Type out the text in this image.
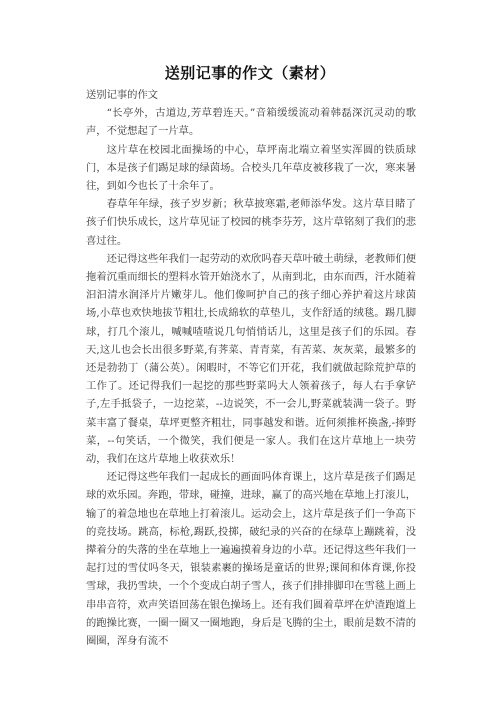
送别记事的作文（素材）

送别记事的作文

“长亭外，古道边,芳草碧连天。”音箱缓缓流动着韩磊深沉灵动的歌声，不觉想起了一片草。

这片草在校园北面操场的中心，草坪南北端立着坚实浑圆的铁质球门，本是孩子们踢足球的绿茵场。合校头几年草皮被移栽了一次，寒来暑往，到如今也长了十余年了。

春草年年绿，孩子岁岁新；秋草披寒霜,老师添华发。这片草目睹了孩子们快乐成长，这片草见证了校园的桃李芬芳，这片草铭刻了我们的悲喜过往。

还记得这些年我们一起劳动的欢欣吗春天草叶破土萌绿，老教师们便拖着沉重而细长的塑料水管开始浇水了，从南到北，由东而西，汗水随着汩汩清水润泽片片嫩芽儿。他们像呵护自己的孩子细心养护着这片球茵场,小草也欢快地拔节粗壮,长成綿软的草垫儿，支作舒适的绒毯。踢几脚球，打几个滚儿，喊喊喳喳说几句悄悄话儿，这里是孩子们的乐园。春天,这儿也会长出很多野菜,有荠菜、青青菜，有苦菜、灰灰菜，最繁多的还是勃勃丁（蒲公英）。闲暇时，不等它们开花，我们就做起除荒护草的工作了。还记得我们一起挖的那些野菜吗大人领着孩子，每人右手拿铲子,左手抵袋子，一边挖菜，--边说笑，不一会儿,野菜就装满一袋子。野菜丰富了餐桌，草坪更整齐粗壮，同事越发和谐。近何须推杯换盏,-捧野菜，--句笑话，一个微笑，我们便是一家人。我们在这片草地上一块劳动，我们在这片草地上收获欢乐！

还记得这些年我们一起成长的画面吗体育课上，这片草是孩子们踢足球的欢乐园。奔跑，带球，碰撞，进球，赢了的高兴地在草地上打滚儿，输了的着急地也在草地上打着滚儿。运动会上，这片草是孩子们一争高下的竞技场。跳高，标枪,踢跃,投掷，破纪录的兴奋的在绿草上蹦跳着，没撵着分的失落的坐在草地上一遍遍摸着身边的小草。还记得这些年我们一起打过的雪仗吗冬天，银装素裹的操场是童话的世界;课间和体育课,你投雪球，我扔雪块，一个个变成白胡子雪人，孩子们排排脚印在雪毯上画上串串音符，欢声笑语回荡在银色操场上。还有我们圆着草坪在炉渣跑道上的跑操比赛，一圈一圈又一圈地跑，身后是飞腾的尘土，眼前是数不清的圈圈，浑身有流不
